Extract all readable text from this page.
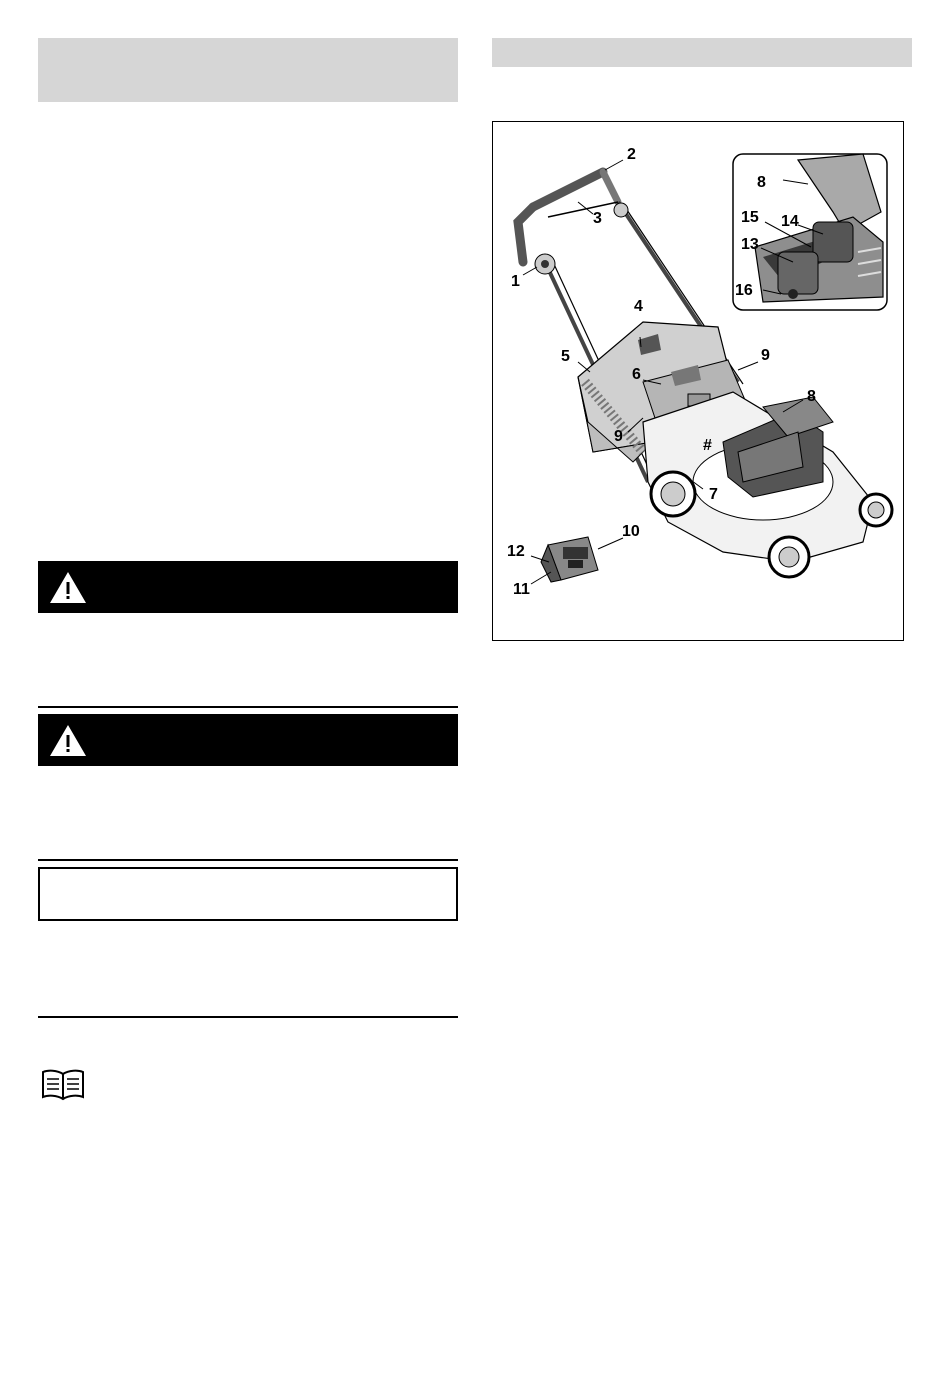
2
3
1
4
5
6
9
9
#
7
8
10
12
11
8
15 14
13
16
